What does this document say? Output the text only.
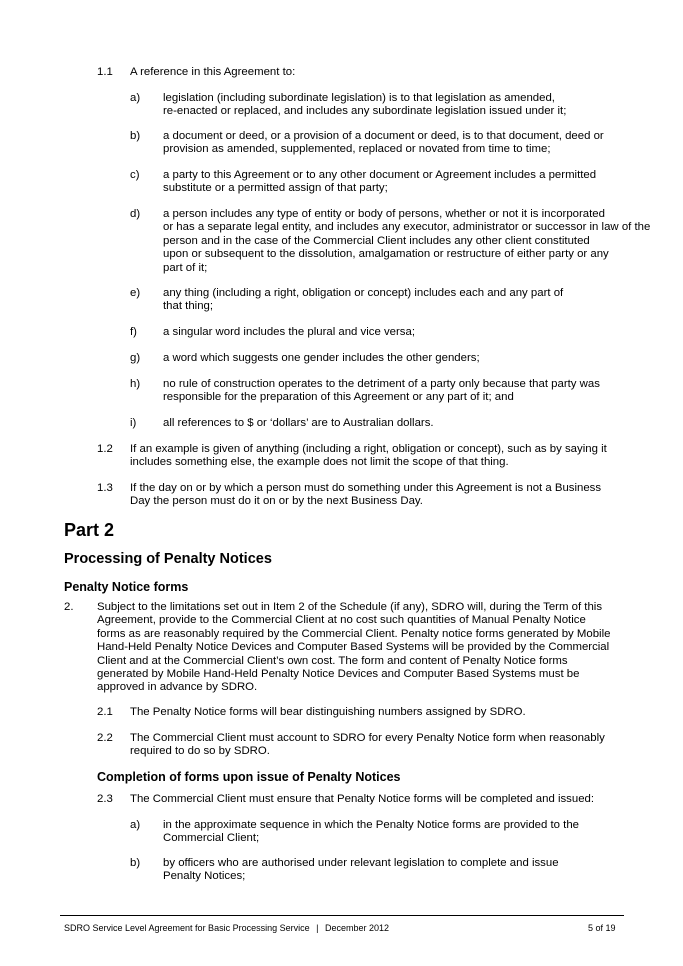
1.1 A reference in this Agreement to:
a) legislation (including subordinate legislation) is to that legislation as amended,
re-enacted or replaced, and includes any subordinate legislation issued under it;
b) a document or deed, or a provision of a document or deed, is to that document, deed or
provision as amended, supplemented, replaced or novated from time to time;
c) a party to this Agreement or to any other document or Agreement includes a permitted
substitute or a permitted assign of that party;
d) a person includes any type of entity or body of persons, whether or not it is incorporated
or has a separate legal entity, and includes any executor, administrator or successor in law of the
person and in the case of the Commercial Client includes any other client constituted
upon or subsequent to the dissolution, amalgamation or restructure of either party or any
part of it;
e) any thing (including a right, obligation or concept) includes each and any part of
that thing;
f) a singular word includes the plural and vice versa;
g) a word which suggests one gender includes the other genders;
h) no rule of construction operates to the detriment of a party only because that party was
responsible for the preparation of this Agreement or any part of it; and
i) all references to $ or ‘dollars’ are to Australian dollars.
1.2 If an example is given of anything (including a right, obligation or concept), such as by saying it
includes something else, the example does not limit the scope of that thing.
1.3 If the day on or by which a person must do something under this Agreement is not a Business
Day the person must do it on or by the next Business Day.
Part 2
Processing of Penalty Notices
Penalty Notice forms
2. Subject to the limitations set out in Item 2 of the Schedule (if any), SDRO will, during the Term of this
Agreement, provide to the Commercial Client at no cost such quantities of Manual Penalty Notice
forms as are reasonably required by the Commercial Client. Penalty notice forms generated by Mobile
Hand-Held Penalty Notice Devices and Computer Based Systems will be provided by the Commercial
Client and at the Commercial Client’s own cost. The form and content of Penalty Notice forms
generated by Mobile Hand-Held Penalty Notice Devices and Computer Based Systems must be
approved in advance by SDRO.
2.1 The Penalty Notice forms will bear distinguishing numbers assigned by SDRO.
2.2 The Commercial Client must account to SDRO for every Penalty Notice form when reasonably
required to do so by SDRO.
Completion of forms upon issue of Penalty Notices
2.3 The Commercial Client must ensure that Penalty Notice forms will be completed and issued:
a) in the approximate sequence in which the Penalty Notice forms are provided to the
Commercial Client;
b) by officers who are authorised under relevant legislation to complete and issue
Penalty Notices;
SDRO Service Level Agreement for Basic Processing Service | December 2012	5 of 19
